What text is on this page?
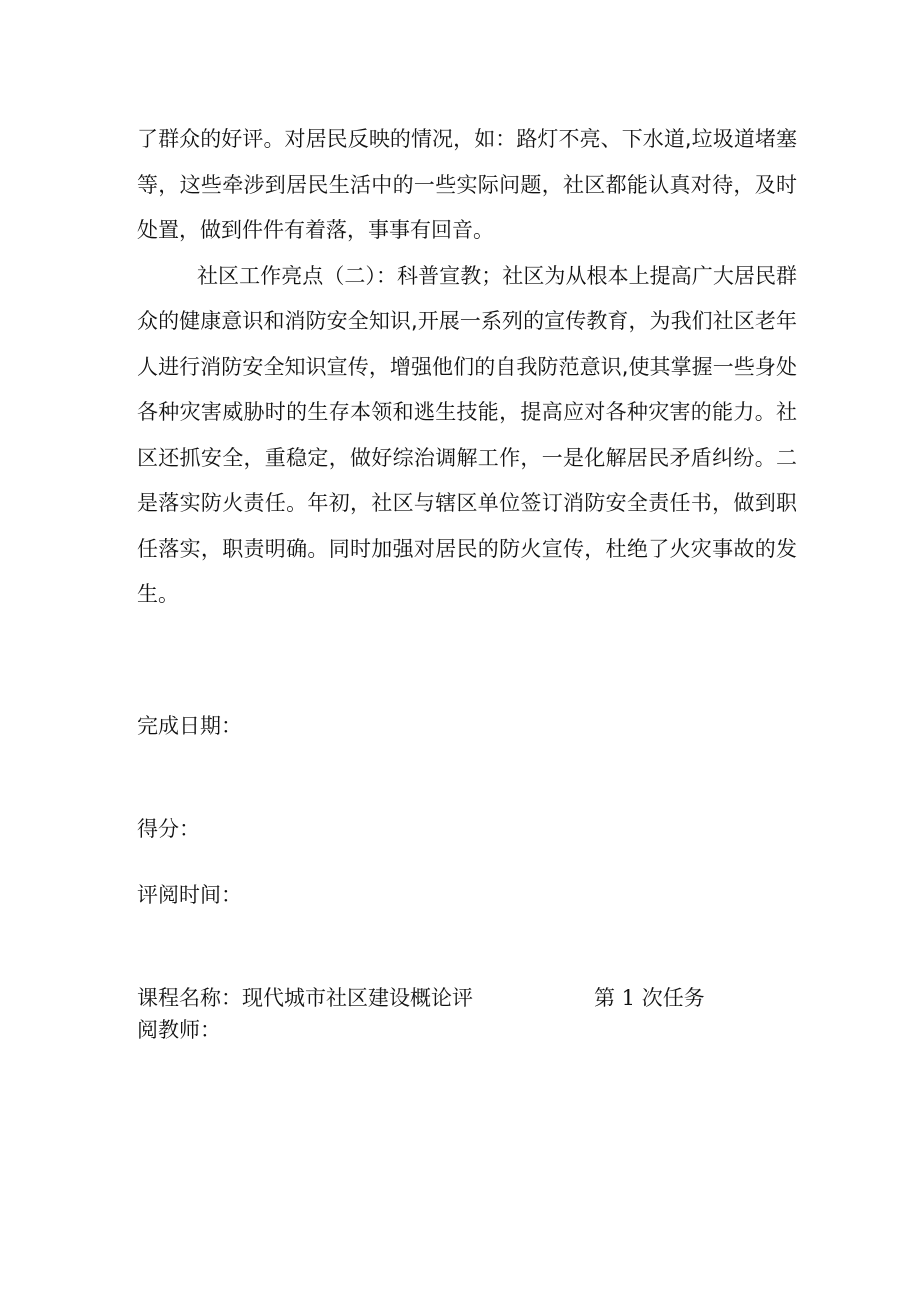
了群众的好评。对居民反映的情况，如：路灯不亮、下水道,垃圾道堵塞等，这些牵涉到居民生活中的一些实际问题，社区都能认真对待，及时处置，做到件件有着落，事事有回音。

社区工作亮点（二）：科普宣教；社区为从根本上提高广大居民群众的健康意识和消防安全知识,开展一系列的宣传教育，为我们社区老年人进行消防安全知识宣传，增强他们的自我防范意识,使其掌握一些身处各种灾害威胁时的生存本领和逃生技能，提高应对各种灾害的能力。社区还抓安全，重稳定，做好综治调解工作，一是化解居民矛盾纠纷。二是落实防火责任。年初，社区与辖区单位签订消防安全责任书，做到职任落实，职责明确。同时加强对居民的防火宣传，杜绝了火灾事故的发生。

完成日期：
得分：
评阅时间：
课程名称：现代城市社区建设概论评	第 1 次任务
阅教师：
